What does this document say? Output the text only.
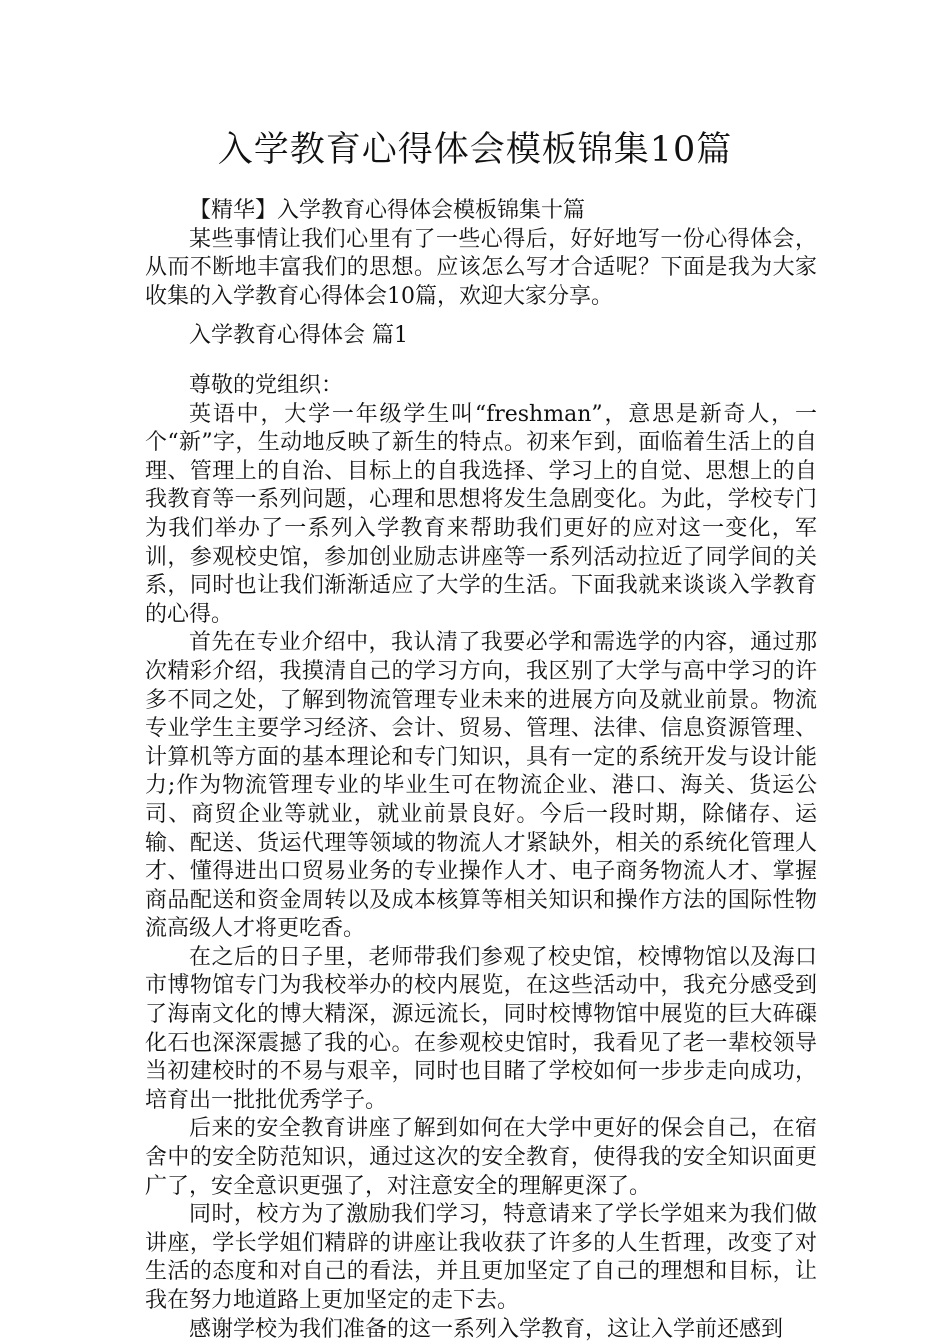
入学教育心得体会模板锦集10篇

【精华】入学教育心得体会模板锦集十篇

某些事情让我们心里有了一些心得后，好好地写一份心得体会，从而不断地丰富我们的思想。应该怎么写才合适呢？下面是我为大家收集的入学教育心得体会10篇，欢迎大家分享。

入学教育心得体会 篇1

尊敬的党组织：

英语中，大学一年级学生叫“freshman”，意思是新奇人，一个“新”字，生动地反映了新生的特点。初来乍到，面临着生活上的自理、管理上的自治、目标上的自我选择、学习上的自觉、思想上的自我教育等一系列问题，心理和思想将发生急剧变化。为此，学校专门为我们举办了一系列入学教育来帮助我们更好的应对这一变化，军训，参观校史馆，参加创业励志讲座等一系列活动拉近了同学间的关系，同时也让我们渐渐适应了大学的生活。下面我就来谈谈入学教育的心得。

首先在专业介绍中，我认清了我要必学和需选学的内容，通过那次精彩介绍，我摸清自己的学习方向，我区别了大学与高中学习的许多不同之处，了解到物流管理专业未来的进展方向及就业前景。物流专业学生主要学习经济、会计、贸易、管理、法律、信息资源管理、计算机等方面的基本理论和专门知识，具有一定的系统开发与设计能力;作为物流管理专业的毕业生可在物流企业、港口、海关、货运公司、商贸企业等就业，就业前景良好。今后一段时期，除储存、运输、配送、货运代理等领域的物流人才紧缺外，相关的系统化管理人才、懂得进出口贸易业务的专业操作人才、电子商务物流人才、掌握商品配送和资金周转以及成本核算等相关知识和操作方法的国际性物流高级人才将更吃香。

在之后的日子里，老师带我们参观了校史馆，校博物馆以及海口市博物馆专门为我校举办的校内展览，在这些活动中，我充分感受到了海南文化的博大精深，源远流长，同时校博物馆中展览的巨大砗磲化石也深深震撼了我的心。在参观校史馆时，我看见了老一辈校领导当初建校时的不易与艰辛，同时也目睹了学校如何一步步走向成功，培育出一批批优秀学子。

后来的安全教育讲座了解到如何在大学中更好的保会自己，在宿舍中的安全防范知识，通过这次的安全教育，使得我的安全知识面更广了，安全意识更强了，对注意安全的理解更深了。

同时，校方为了激励我们学习，特意请来了学长学姐来为我们做讲座，学长学姐们精辟的讲座让我收获了许多的人生哲理，改变了对生活的态度和对自己的看法，并且更加坚定了自己的理想和目标，让我在努力地道路上更加坚定的走下去。

感谢学校为我们准备的这一系列入学教育，这让入学前还感到
